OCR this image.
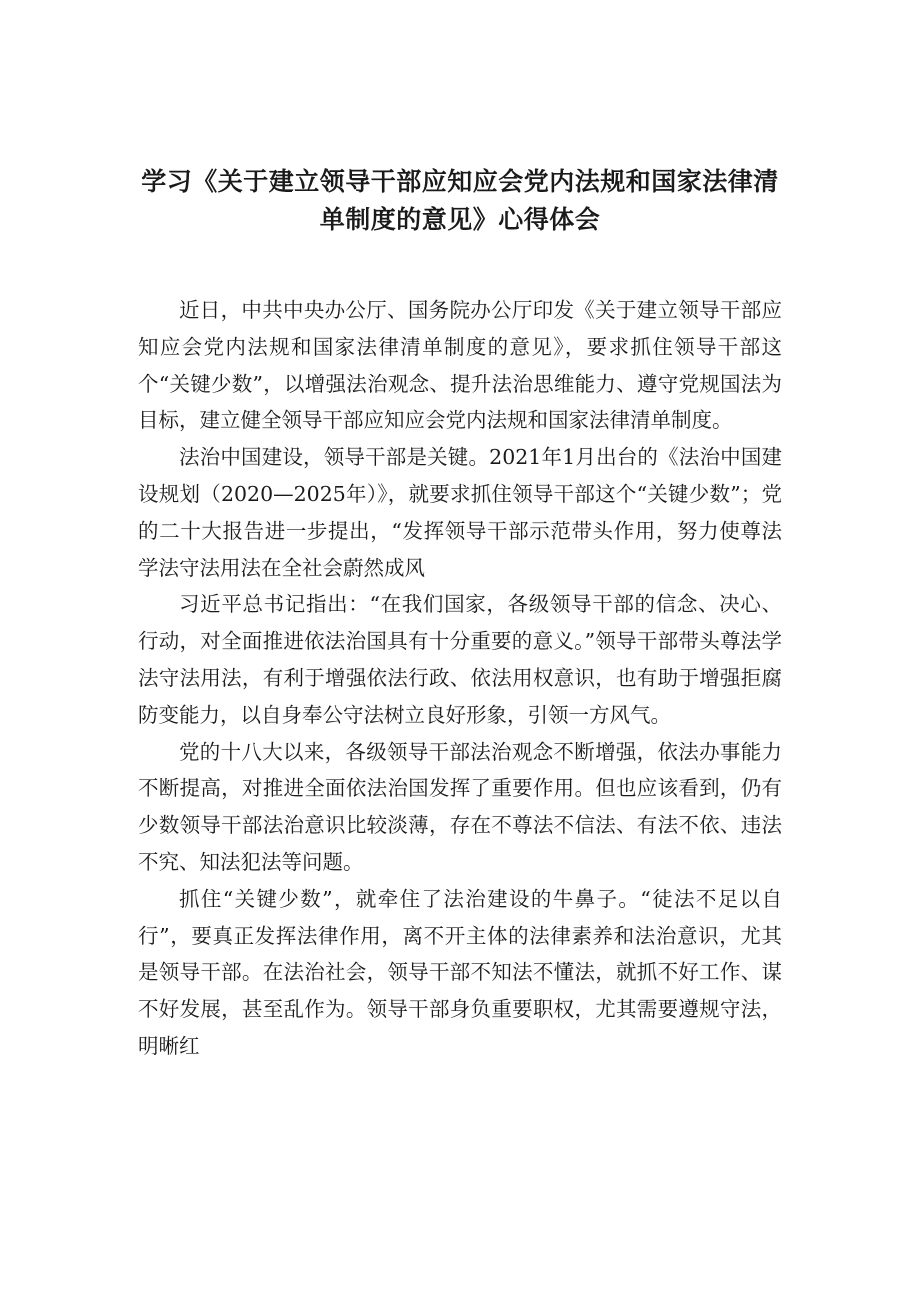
学习《关于建立领导干部应知应会党内法规和国家法律清
单制度的意见》心得体会

近日，中共中央办公厅、国务院办公厅印发《关于建立领导干部应知应会党内法规和国家法律清单制度的意见》，要求抓住领导干部这个“关键少数”，以增强法治观念、提升法治思维能力、遵守党规国法为目标，建立健全领导干部应知应会党内法规和国家法律清单制度。

法治中国建设，领导干部是关键。2021年1月出台的《法治中国建设规划（2020—2025年）》，就要求抓住领导干部这个“关键少数”；党的二十大报告进一步提出，“发挥领导干部示范带头作用，努力使尊法学法守法用法在全社会蔚然成风

习近平总书记指出：“在我们国家，各级领导干部的信念、决心、行动，对全面推进依法治国具有十分重要的意义。”领导干部带头尊法学法守法用法，有利于增强依法行政、依法用权意识，也有助于增强拒腐防变能力，以自身奉公守法树立良好形象，引领一方风气。

党的十八大以来，各级领导干部法治观念不断增强，依法办事能力不断提高，对推进全面依法治国发挥了重要作用。但也应该看到，仍有少数领导干部法治意识比较淡薄，存在不尊法不信法、有法不依、违法不究、知法犯法等问题。

抓住“关键少数”，就牵住了法治建设的牛鼻子。“徒法不足以自行”，要真正发挥法律作用，离不开主体的法律素养和法治意识，尤其是领导干部。在法治社会，领导干部不知法不懂法，就抓不好工作、谋不好发展，甚至乱作为。领导干部身负重要职权，尤其需要遵规守法，明晰红
